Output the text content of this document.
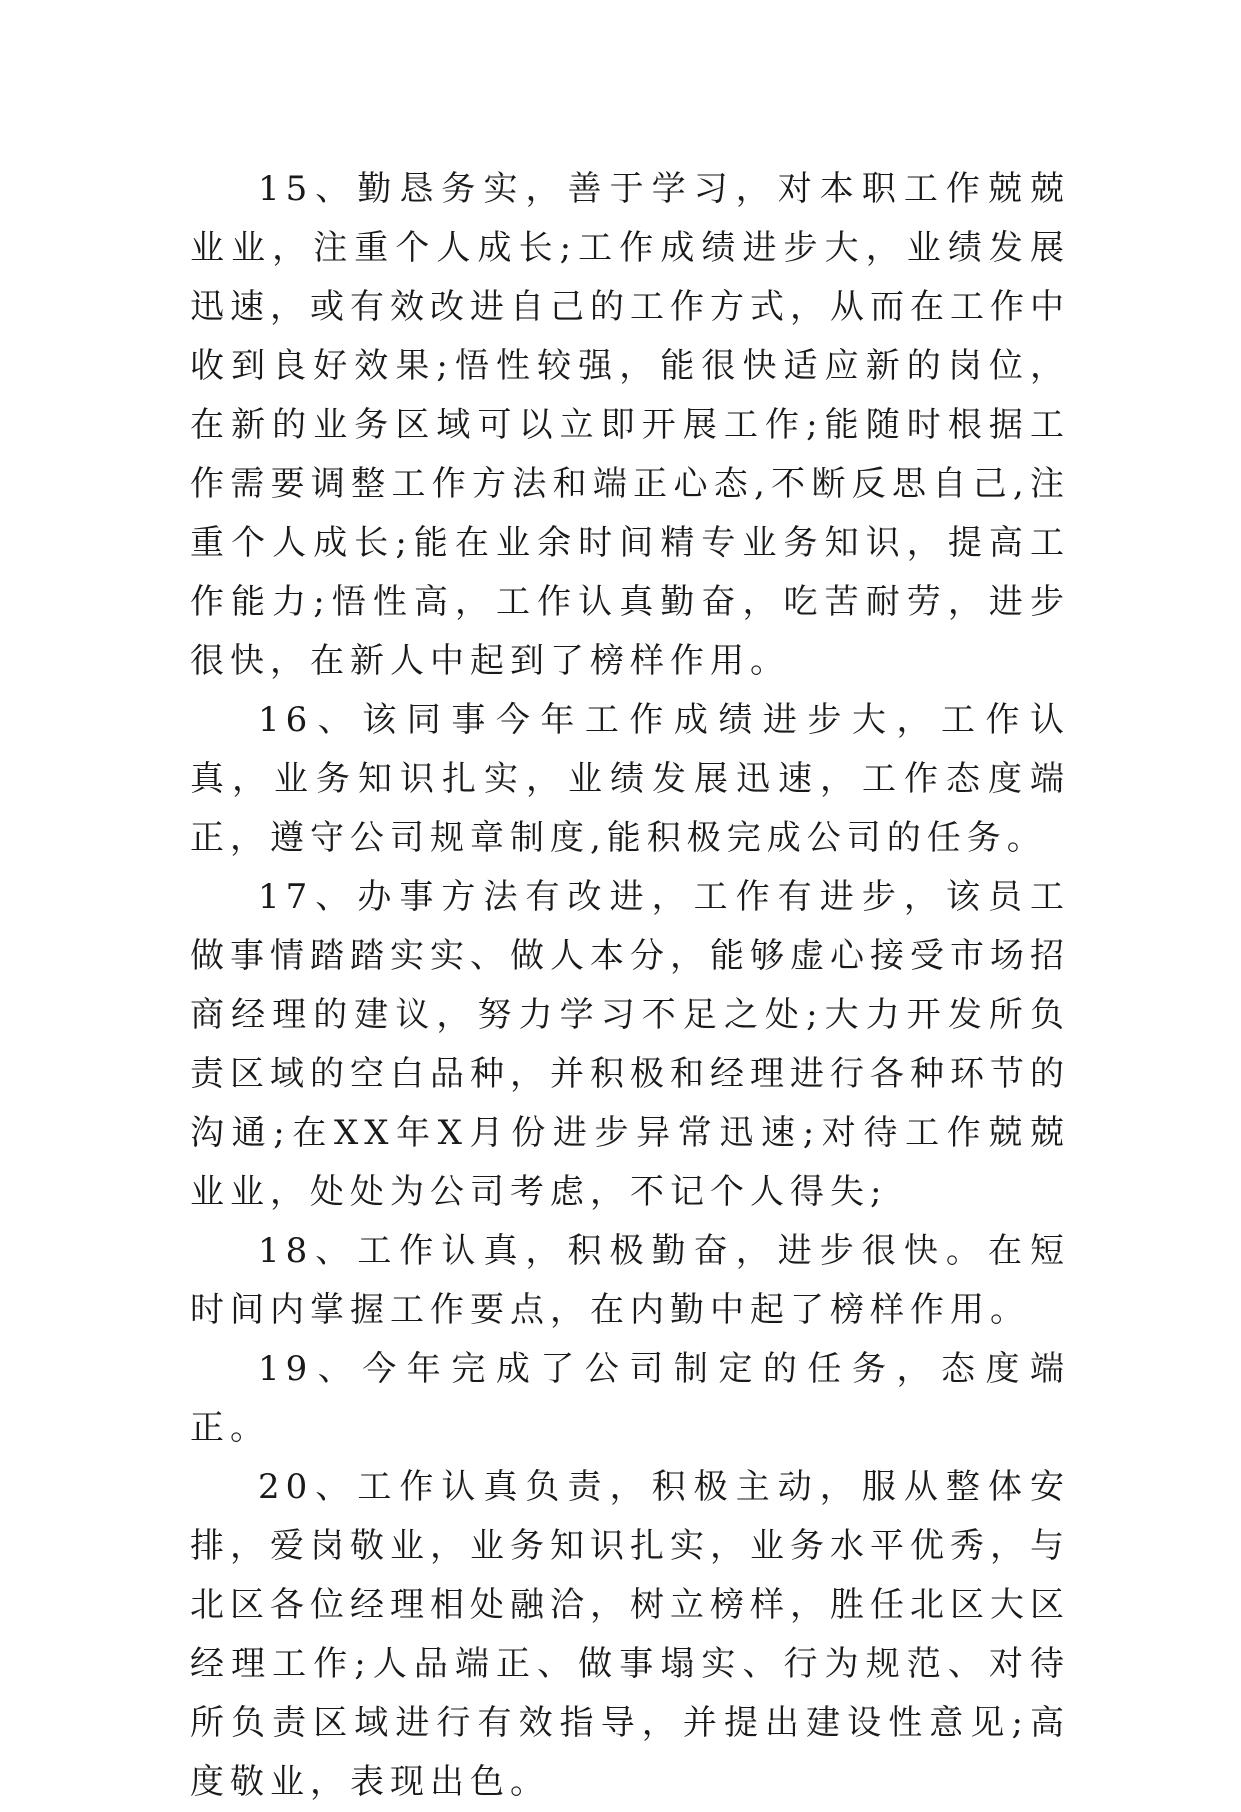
15、勤恳务实，善于学习，对本职工作兢兢业业，注重个人成长;工作成绩进步大，业绩发展迅速，或有效改进自己的工作方式，从而在工作中收到良好效果;悟性较强，能很快适应新的岗位，在新的业务区域可以立即开展工作;能随时根据工作需要调整工作方法和端正心态,不断反思自己,注重个人成长;能在业余时间精专业务知识，提高工作能力;悟性高，工作认真勤奋，吃苦耐劳，进步很快，在新人中起到了榜样作用。

16、该同事今年工作成绩进步大，工作认真，业务知识扎实，业绩发展迅速，工作态度端正，遵守公司规章制度,能积极完成公司的任务。

17、办事方法有改进，工作有进步，该员工做事情踏踏实实、做人本分，能够虚心接受市场招商经理的建议，努力学习不足之处;大力开发所负责区域的空白品种，并积极和经理进行各种环节的沟通;在XX年X月份进步异常迅速;对待工作兢兢业业，处处为公司考虑，不记个人得失;

18、工作认真，积极勤奋，进步很快。在短时间内掌握工作要点，在内勤中起了榜样作用。

19、今年完成了公司制定的任务，态度端正。

20、工作认真负责，积极主动，服从整体安排，爱岗敬业，业务知识扎实，业务水平优秀，与北区各位经理相处融洽，树立榜样，胜任北区大区经理工作;人品端正、做事塌实、行为规范、对待所负责区域进行有效指导，并提出建设性意见;高度敬业，表现出色。
